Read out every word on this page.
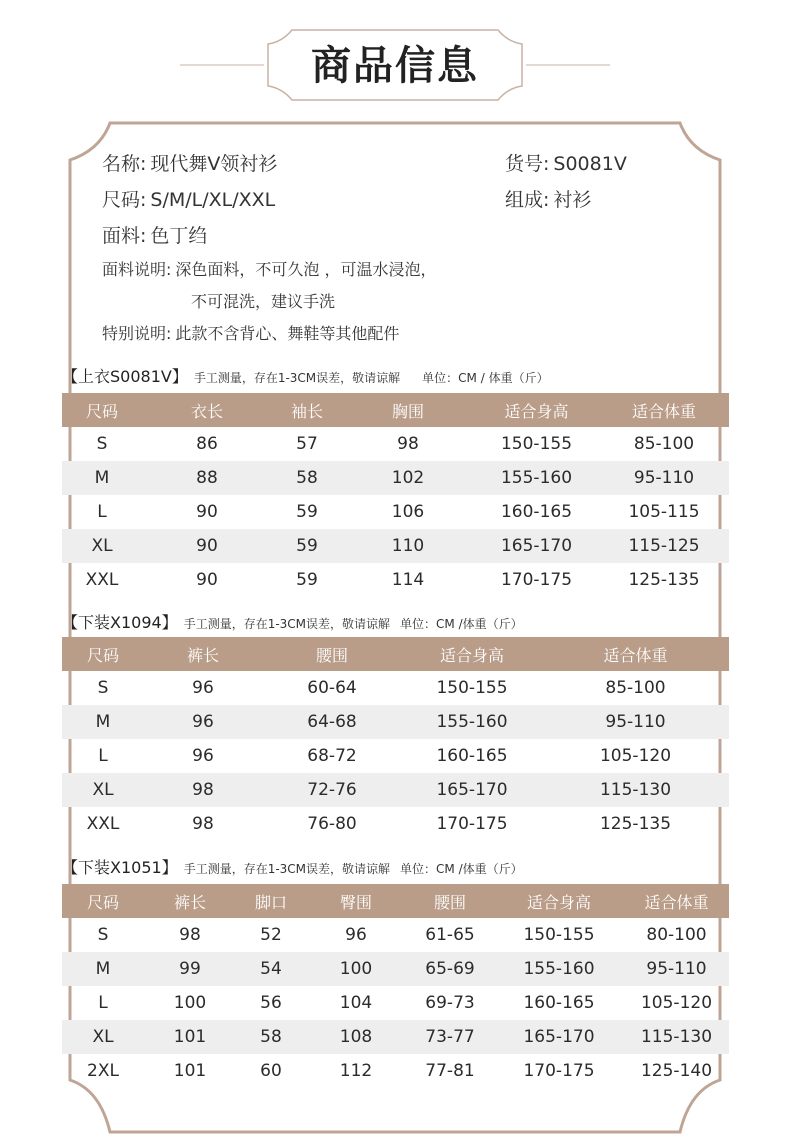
商品信息
名称: 现代舞V领衬衫	货号: S0081V
尺码: S/M/L/XL/XXL	组成: 衬衫
面料: 色丁绉
面料说明: 深色面料，不可久泡 ，可温水浸泡，
不可混洗，建议手洗
特别说明: 此款不含背心、舞鞋等其他配件
【上衣S0081V】 手工测量，存在1-3CM误差，敬请谅解 单位：CM / 体重（斤）
尺码	衣长	袖长	胸围	适合身高	适合体重
S	86	57	98	150-155	85-100
M	88	58	102	155-160	95-110
L	90	59	106	160-165	105-115
XL	90	59	110	165-170	115-125
XXL	90	59	114	170-175	125-135
【下装X1094】 手工测量，存在1-3CM误差，敬请谅解 单位：CM /体重（斤）
尺码	裤长	腰围	适合身高	适合体重
S	96	60-64	150-155	85-100
M	96	64-68	155-160	95-110
L	96	68-72	160-165	105-120
XL	98	72-76	165-170	115-130
XXL	98	76-80	170-175	125-135
【下装X1051】 手工测量，存在1-3CM误差，敬请谅解 单位：CM /体重（斤）
尺码	裤长	脚口	臀围	腰围	适合身高	适合体重
S	98	52	96	61-65	150-155	80-100
M	99	54	100	65-69	155-160	95-110
L	100	56	104	69-73	160-165	105-120
XL	101	58	108	73-77	165-170	115-130
2XL	101	60	112	77-81	170-175	125-140
